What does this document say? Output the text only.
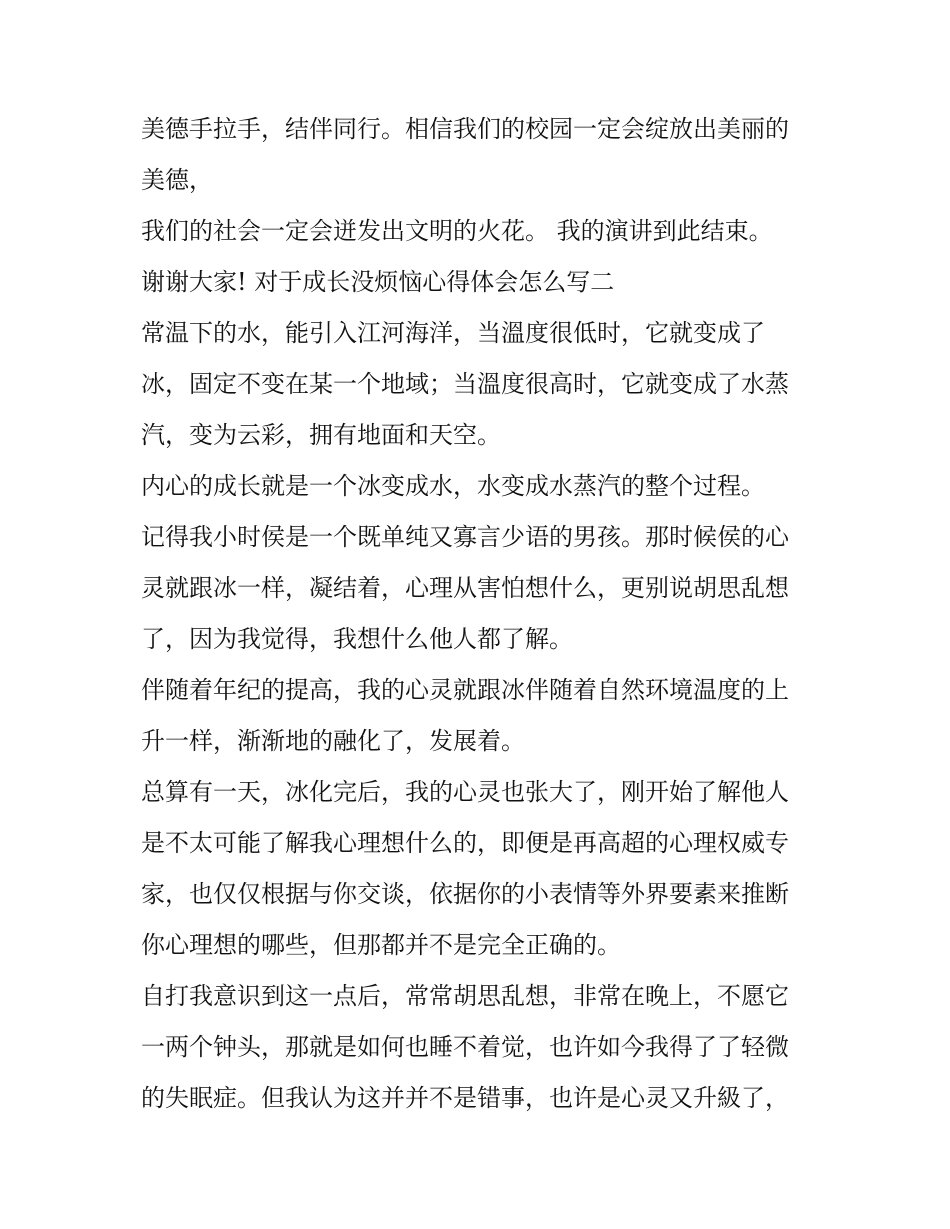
美德手拉手，结伴同行。相信我们的校园一定会绽放出美丽的
美德，
我们的社会一定会迸发出文明的火花。 我的演讲到此结束。
谢谢大家! 对于成长没烦恼心得体会怎么写二
常温下的水，能引入江河海洋，当溫度很低时，它就变成了
冰，固定不变在某一个地域；当溫度很高时，它就变成了水蒸
汽，变为云彩，拥有地面和天空。
内心的成长就是一个冰变成水，水变成水蒸汽的整个过程。
记得我小时侯是一个既单纯又寡言少语的男孩。那时候侯的心
灵就跟冰一样，凝结着，心理从害怕想什么，更别说胡思乱想
了，因为我觉得，我想什么他人都了解。
伴随着年纪的提高，我的心灵就跟冰伴随着自然环境温度的上
升一样，渐渐地的融化了，发展着。
总算有一天，冰化完后，我的心灵也张大了，刚开始了解他人
是不太可能了解我心理想什么的，即便是再高超的心理权威专
家，也仅仅根据与你交谈，依据你的小表情等外界要素来推断
你心理想的哪些，但那都并不是完全正确的。
自打我意识到这一点后，常常胡思乱想，非常在晚上，不愿它
一两个钟头，那就是如何也睡不着觉，也许如今我得了了轻微
的失眠症。但我认为这并并不是错事，也许是心灵又升級了，
